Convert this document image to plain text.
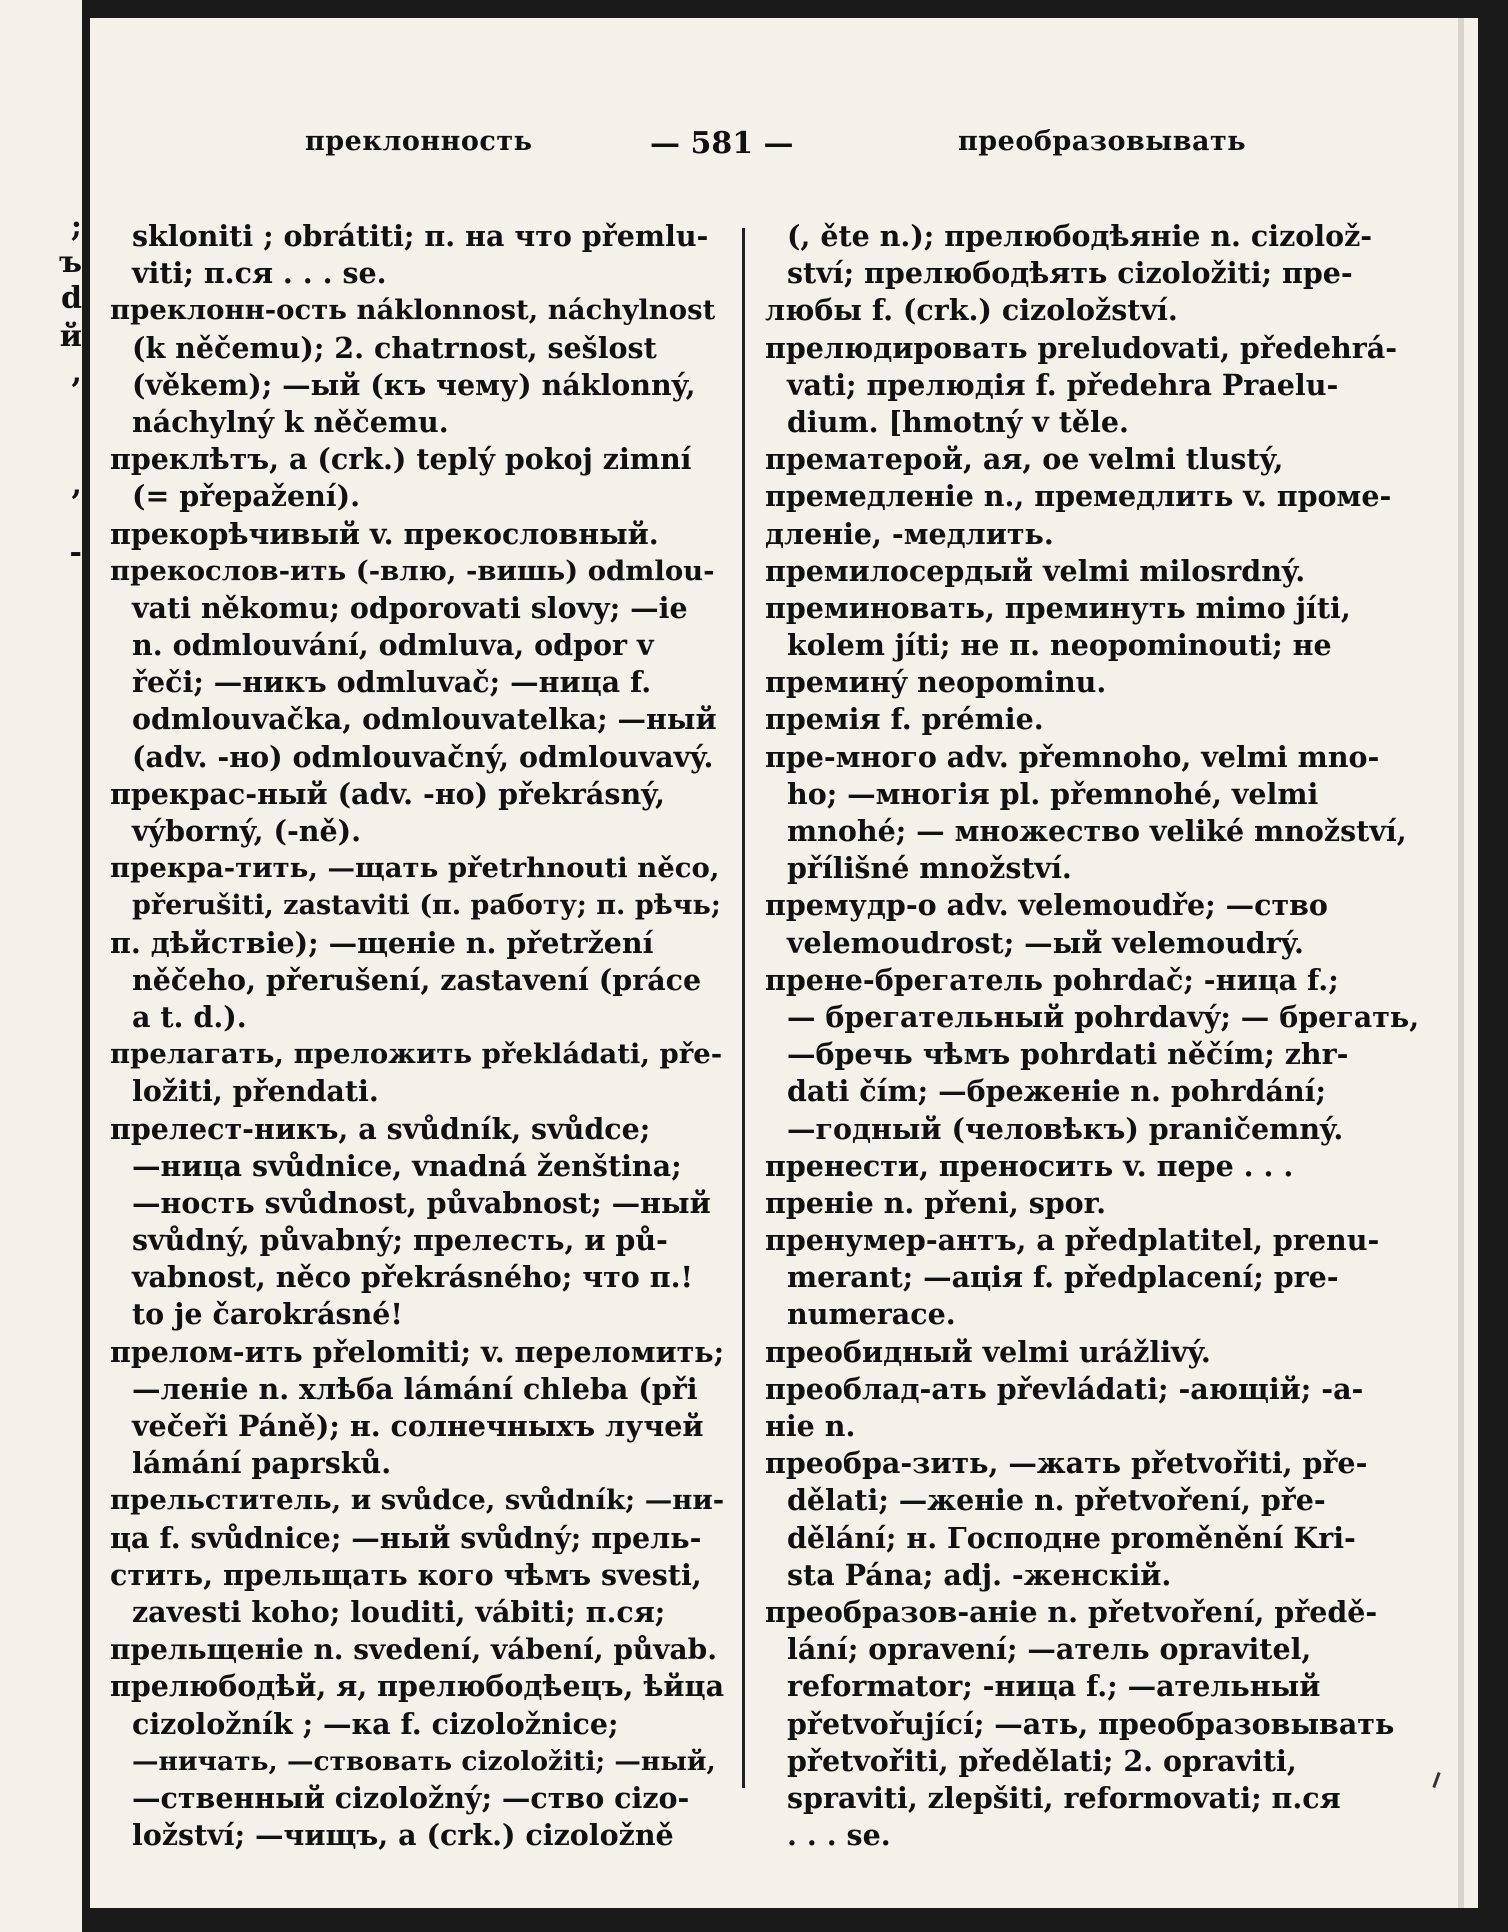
;
ъ
d
й
,
,
-
преклонность	— 581 —	преобразовывать
skloniti ; obrátiti; п. на что přemlu-
viti; п.ся . . . se.
преклонн-ость náklonnost, náchylnost
(k něčemu); 2. chatrnost, sešlost
(věkem); —ый (къ чему) náklonný,
náchylný k něčemu.
преклѣтъ, а (crk.) teplý pokoj zimní
(= přepažení).
прекорѣчивый v. прекословный.
прекослов-ить (-влю, -вишь) odmlou-
vati někomu; odporovati slovy; —ie
n. odmlouvání, odmluva, odpor v
řeči; —никъ odmluvač; —ница f.
odmlouvačka, odmlouvatelka; —ный
(adv. -но) odmlouvačný, odmlouvavý.
прекрас-ный (adv. -но) překrásný,
výborný, (-ně).
прекра-тить, —щать přetrhnouti něco,
přerušiti, zastaviti (п. работу; п. рѣчь;
п. дѣйствіе); —щеніе n. přetržení
něčeho, přerušení, zastavení (práce
a t. d.).
прелагать, преложить překládati, pře-
ložiti, přendati.
прелест-никъ, a svůdník, svůdce;
—ница svůdnice, vnadná ženština;
—ность svůdnost, půvabnost; —ный
svůdný, půvabný; прелесть, и pů-
vabnost, něco překrásného; что п.!
to je čarokrásné!
прелом-ить přelomiti; v. переломить;
—леніе n. хлѣба lámání chleba (při
večeři Páně); н. солнечныхъ лучей
lámání paprsků.
прельститель, и svůdce, svůdník; —ни-
ца f. svůdnice; —ный svůdný; прель-
стить, прельщать кого чѣмъ svesti,
zavesti koho; louditi, vábiti; п.ся;
прельщеніе n. svedení, vábení, půvab.
прелюбодѣй, я, прелюбодѣецъ, ѣйца
cizoložník ; —ка f. cizoložnice;
—ничать, —ствовать cizoložiti; —ный,
—ственный cizoložný; —ство cizo-
ložství; —чищъ, а (crk.) cizoložně
(, ěte n.); прелюбодѣяніе n. cizolož-
ství; прелюбодѣять cizoložiti; пре-
любы f. (crk.) cizoložství.
прелюдировать preludovati, předehrá-
vati; прелюдія f. předehra Praelu-
dium. [hmotný v těle.
прематерой, ая, ое velmi tlustý,
премедленіе n., премедлить v. проме-
дленіе, -медлить.
премилосердый velmi milosrdný.
преминовать, преминуть mimo jíti,
kolem jíti; не п. neopominouti; не
преминý neopominu.
премія f. prémie.
пре-много adv. přemnoho, velmi mno-
ho; —многія pl. přemnohé, velmi
mnohé; — множество veliké množství,
přílišné množství.
премудр-о adv. velemoudře; —ство
velemoudrost; —ый velemoudrý.
прене-брегатель pohrdač; -ница f.;
— брегательный pohrdavý; — брегать,
—бречь чѣмъ pohrdati něčím; zhr-
dati čím; —бреженіе n. pohrdání;
—годный (человѣкъ) praničemný.
пренести, преносить v. пере . . .
преніе n. přeni, spor.
пренумер-антъ, а předplatitel, prenu-
merant; —ація f. předplacení; pre-
numerace.
преобидный velmi urážlivý.
преоблад-ать převládati; -ающій; -а-
ніе n.
преобра-зить, —жать přetvořiti, pře-
dělati; —женіе n. přetvoření, pře-
dělání; н. Господне proměnění Kri-
sta Pána; adj. -женскій.
преобразов-аніе n. přetvoření, předě-
lání; opravení; —атель opravitel,
reformator; -ница f.; —ательный
přetvořující; —ать, преобразовывать
přetvořiti, předělati; 2. opraviti,
spraviti, zlepšiti, reformovati; п.ся
. . . se.
